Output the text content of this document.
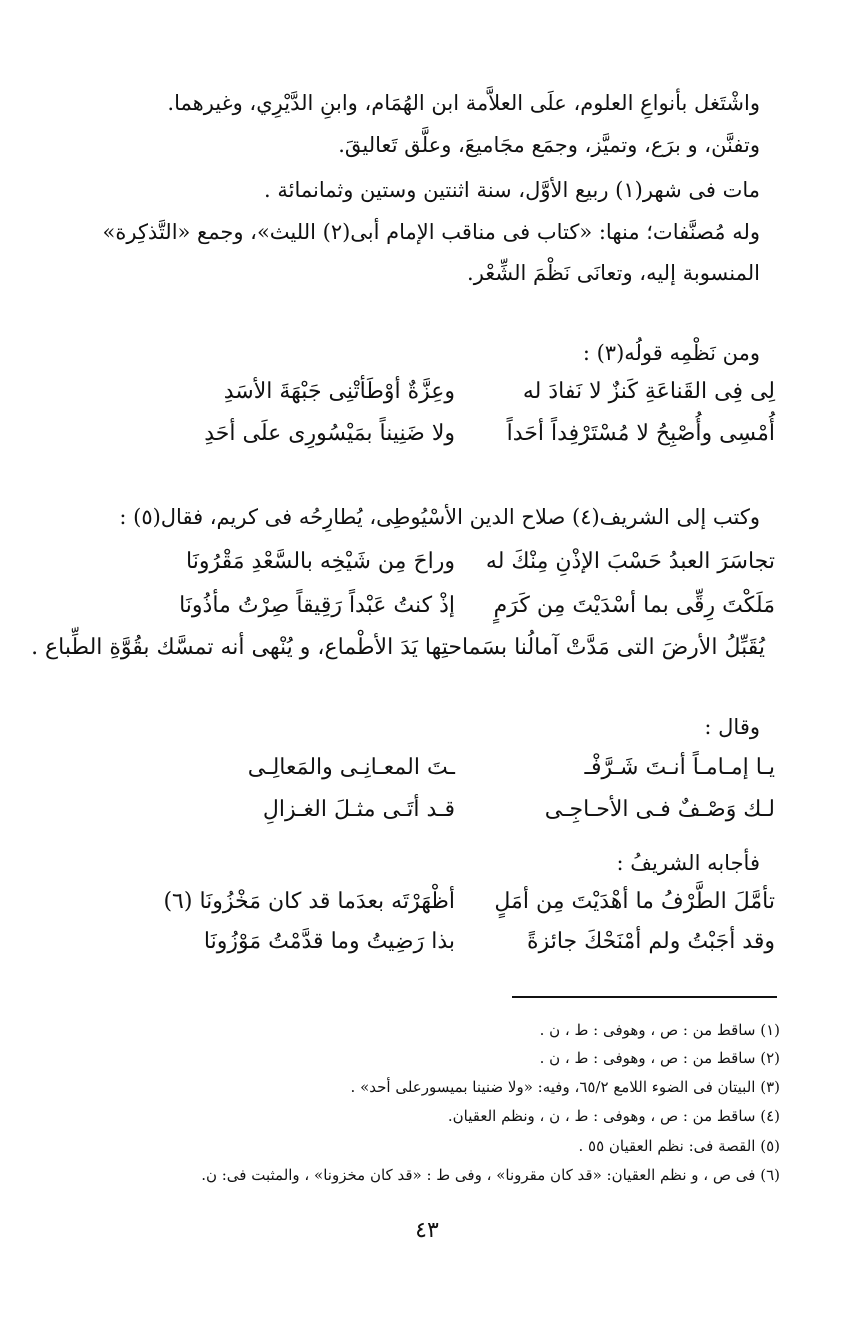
واشْتَغل بأنواعِ العلوم، علَى العلاَّمة ابن الهُمَام، وابنِ الدَّيْرِي، وغيرهما.
وتفنَّن، و برَع، وتميَّز، وجمَع مجَاميعَ، وعلَّق تَعاليقَ.
مات فى شهر(١) ربيع الأوَّل، سنة اثنتين وستين وثمانمائة .
وله مُصنَّفات؛ منها: «كتاب فى مناقب الإمام أبى(٢) الليث»، وجمع «التَّذكِرة»
المنسوبة إليه، وتعانَى نَظْمَ الشِّعْر.
ومن نَظْمِه قولُه(٣) :
لِى فِى القَناعَةِ كَنزٌ لا نَفادَ له
وعِزَّةٌ أوْطَأتْنِى جَبْهَةَ الأسَدِ
أُمْسِى وأُصْبِحُ لا مُسْتَرْفِداً أحَداً
ولا ضَنِيناً بمَيْسُورِى علَى أحَدِ
وكتب إلى الشريف(٤) صلاح الدين الأسْيُوطِى، يُطارِحُه فى كريم، فقال(٥) :
تجاسَرَ العبدُ حَسْبَ الإذْنِ مِنْكَ له
وراحَ مِن شَيْخِه بالسَّعْدِ مَقْرُونَا
مَلَكْتَ رِقِّى بما أسْدَيْتَ مِن كَرَمٍ
إذْ كنتُ عَبْداً رَقِيقاً صِرْتُ مأذُونَا
يُقَبِّلُ الأرضَ التى مَدَّتْ آمالُنا بسَماحتِها يَدَ الأطْماع، و يُنْهى أنه تمسَّك بقُوَّةِ الطِّباع .
وقال :
يـا إمـامـاً أنـتَ شَـرَّفْـ
ـتَ المعـانِـى والمَعالِـى
لـك وَصْـفٌ فـى الأحـاجِـى
قـد أتَـى مثـلَ الغـزالِ
فأجابه الشريفُ :
تأمَّلَ الطَّرْفُ ما أهْدَيْتَ مِن أمَلٍ
أظْهَرْتَه بعدَما قد كان مَخْزُونَا (٦)
وقد أجَبْتُ ولم أمْنَحْكَ جائزةً
بذا رَضِيتُ وما قدَّمْتُ مَوْزُونَا
(١) ساقط من : ص ، وهوفى : ط ، ن .
(٢) ساقط من : ص ، وهوفى : ط ، ن .
(٣) البيتان فى الضوء اللامع ٦٥/٢، وفيه: «ولا ضنينا بميسورعلى أحد» .
(٤) ساقط من : ص ، وهوفى : ط ، ن ، ونظم العقيان.
(٥) القصة فى: نظم العقيان ٥٥ .
(٦) فى ص ، و نظم العقيان: «قد كان مقرونا» ، وفى ط : «قد كان مخزونا» ، والمثبت فى: ن.
٤٣
